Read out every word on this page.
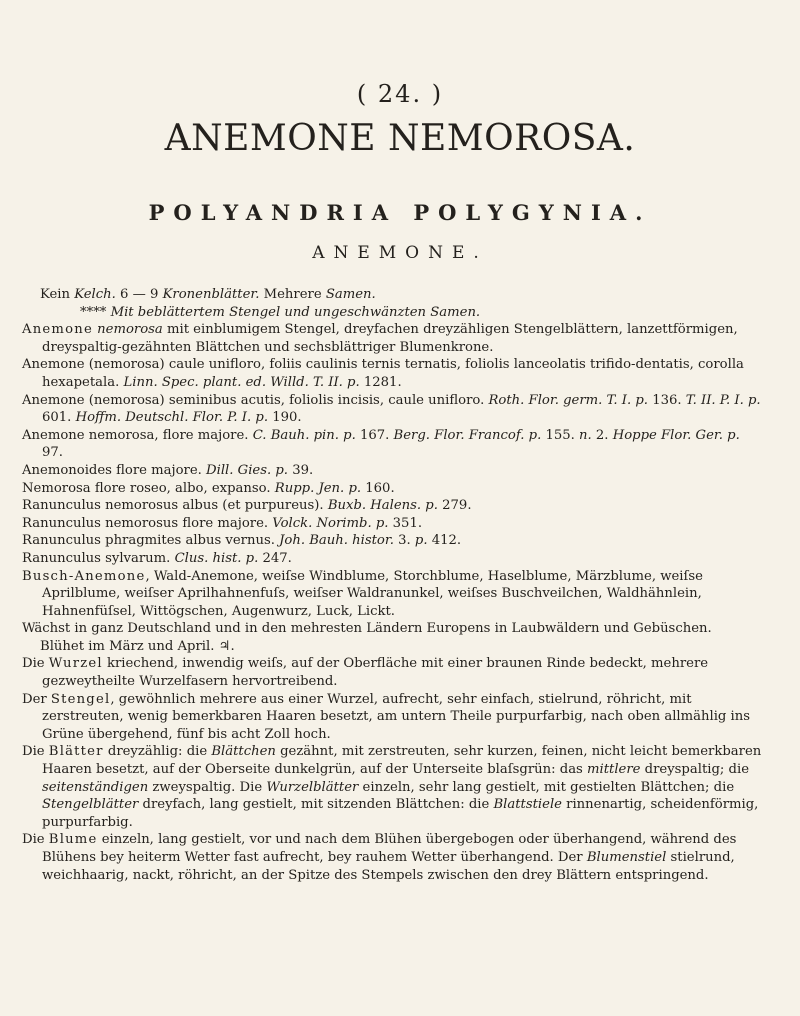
( 24. )
ANEMONE NEMOROSA.
POLYANDRIA POLYGYNIA.
ANEMONE.

Kein Kelch. 6 — 9 Kronenblätter. Mehrere Samen.

**** Mit beblättertem Stengel und ungeschwänzten Samen.

Anemone nemorosa mit einblumigem Stengel, dreyfachen dreyzähligen Stengelblättern, lanzettförmigen, dreyspaltig-gezähnten Blättchen und sechsblättriger Blumenkrone.

Anemone (nemorosa) caule unifloro, foliis caulinis ternis ternatis, foliolis lanceolatis trifido-dentatis, corolla hexapetala. Linn. Spec. plant. ed. Willd. T. II. p. 1281.

Anemone (nemorosa) seminibus acutis, foliolis incisis, caule unifloro. Roth. Flor. germ. T. I. p. 136. T. II. P. I. p. 601. Hoffm. Deutschl. Flor. P. I. p. 190.

Anemone nemorosa, flore majore. C. Bauh. pin. p. 167. Berg. Flor. Francof. p. 155. n. 2. Hoppe Flor. Ger. p. 97.

Anemonoides flore majore. Dill. Gies. p. 39.

Nemorosa flore roseo, albo, expanso. Rupp. Jen. p. 160.

Ranunculus nemorosus albus (et purpureus). Buxb. Halens. p. 279.

Ranunculus nemorosus flore majore. Volck. Norimb. p. 351.

Ranunculus phragmites albus vernus. Joh. Bauh. histor. 3. p. 412.

Ranunculus sylvarum. Clus. hist. p. 247.

Busch-Anemone, Wald-Anemone, weiſse Windblume, Storchblume, Haselblume, Märzblume, weiſse Aprilblume, weiſser Aprilhahnenfuſs, weiſser Waldranunkel, weiſses Buschveilchen, Waldhähnlein, Hahnenfüſsel, Wittögschen, Augenwurz, Luck, Lickt.

Wächst in ganz Deutschland und in den mehresten Ländern Europens in Laubwäldern und Gebüschen.

Blühet im März und April. ♃.

Die Wurzel kriechend, inwendig weiſs, auf der Oberfläche mit einer braunen Rinde bedeckt, mehrere gezweytheilte Wurzelfasern hervortreibend.

Der Stengel, gewöhnlich mehrere aus einer Wurzel, aufrecht, sehr einfach, stielrund, röhricht, mit zerstreuten, wenig bemerkbaren Haaren besetzt, am untern Theile purpurfarbig, nach oben allmählig ins Grüne übergehend, fünf bis acht Zoll hoch.

Die Blätter dreyzählig: die Blättchen gezähnt, mit zerstreuten, sehr kurzen, feinen, nicht leicht bemerkbaren Haaren besetzt, auf der Oberseite dunkelgrün, auf der Unterseite blaſsgrün: das mittlere dreyspaltig; die seitenständigen zweyspaltig. Die Wurzelblätter einzeln, sehr lang gestielt, mit gestielten Blättchen; die Stengelblätter dreyfach, lang gestielt, mit sitzenden Blättchen: die Blattstiele rinnenartig, scheidenförmig, purpurfarbig.

Die Blume einzeln, lang gestielt, vor und nach dem Blühen übergebogen oder überhangend, während des Blühens bey heiterm Wetter fast aufrecht, bey rauhem Wetter überhangend. Der Blumenstiel stielrund, weichhaarig, nackt, röhricht, an der Spitze des Stempels zwischen den drey Blättern entspringend.
